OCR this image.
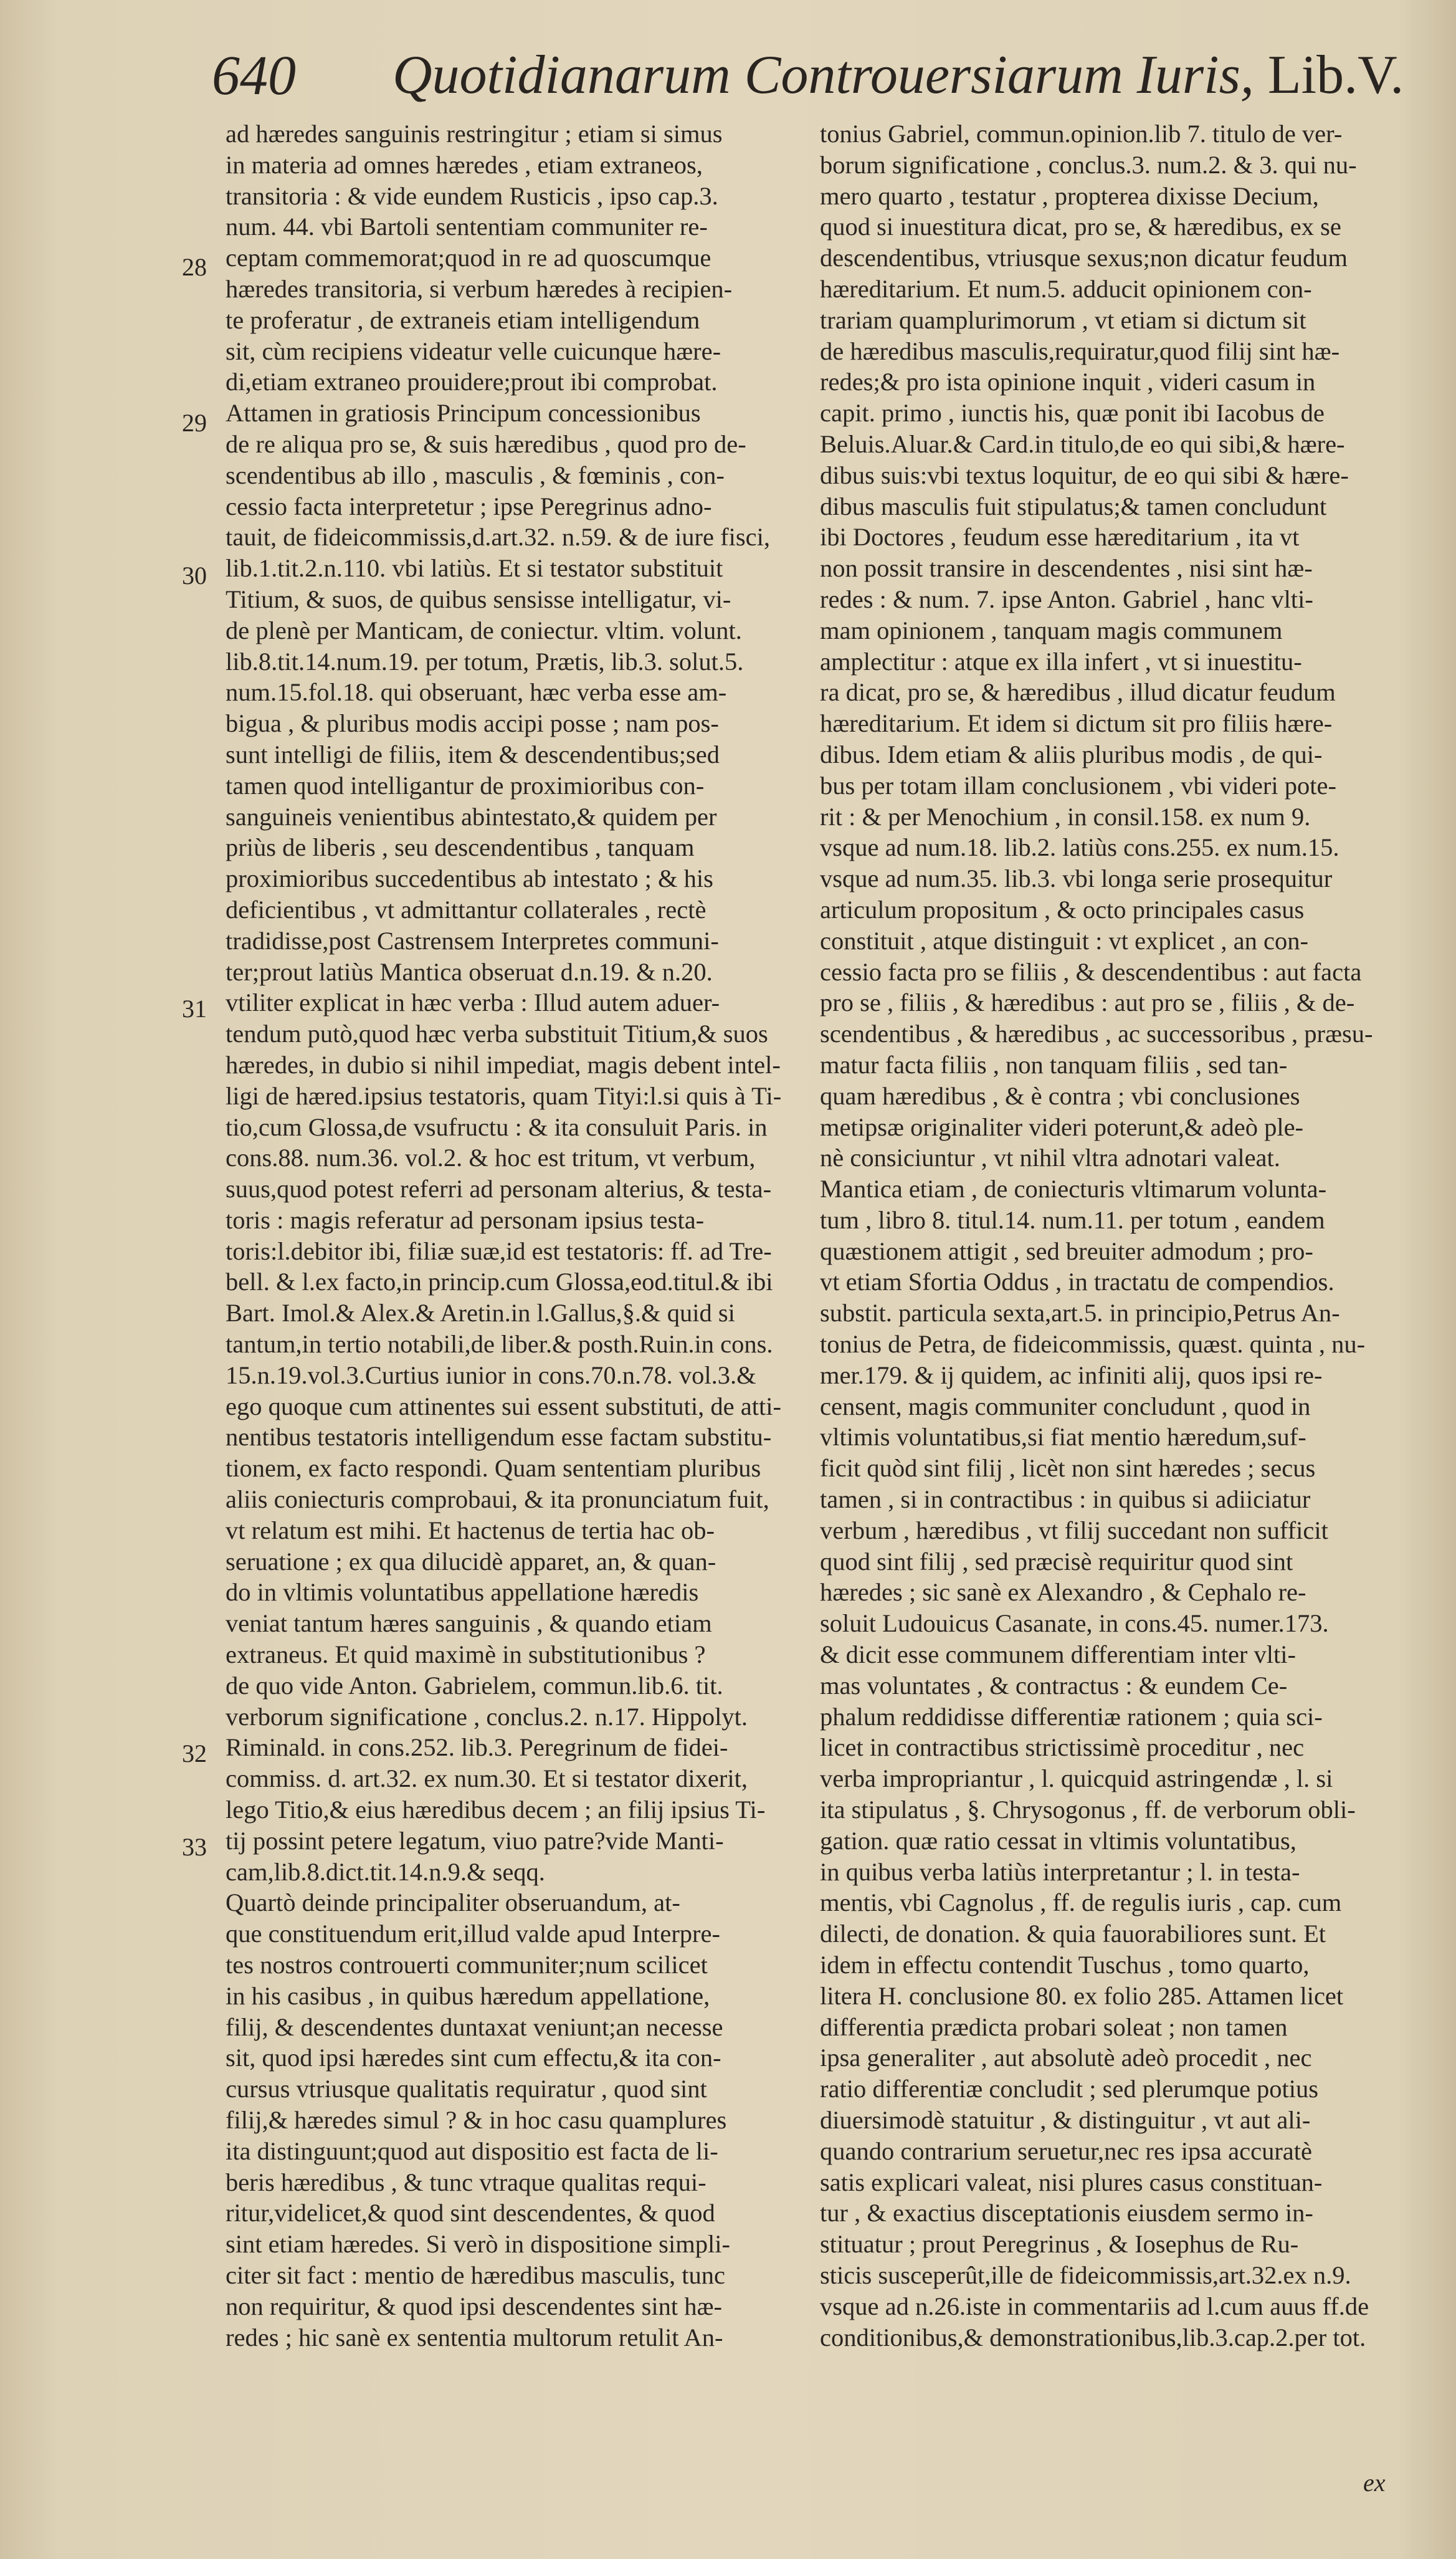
640 Quotidianarum Controuersiarum Iuris, Lib.V.
28
29
30
31
32
33
ad hæredes sanguinis restringitur ; etiam si simus
in materia ad omnes hæredes , etiam extraneos,
transitoria : & vide eundem Rusticis , ipso cap.3.
num. 44. vbi Bartoli sententiam communiter re-
ceptam commemorat;quod in re ad quoscumque
hæredes transitoria, si verbum hæredes à recipien-
te proferatur , de extraneis etiam intelligendum
sit, cùm recipiens videatur velle cuicunque hære-
di,etiam extraneo prouidere;prout ibi comprobat.
Attamen in gratiosis Principum concessionibus
de re aliqua pro se, & suis hæredibus , quod pro de-
scendentibus ab illo , masculis , & fœminis , con-
cessio facta interpretetur ; ipse Peregrinus adno-
tauit, de fideicommissis,d.art.32. n.59. & de iure fisci,
lib.1.tit.2.n.110. vbi latiùs. Et si testator substituit
Titium, & suos, de quibus sensisse intelligatur, vi-
de plenè per Manticam, de coniectur. vltim. volunt.
lib.8.tit.14.num.19. per totum, Prætis, lib.3. solut.5.
num.15.fol.18. qui obseruant, hæc verba esse am-
bigua , & pluribus modis accipi posse ; nam pos-
sunt intelligi de filiis, item & descendentibus;sed
tamen quod intelligantur de proximioribus con-
sanguineis venientibus abintestato,& quidem per
priùs de liberis , seu descendentibus , tanquam
proximioribus succedentibus ab intestato ; & his
deficientibus , vt admittantur collaterales , rectè
tradidisse,post Castrensem Interpretes communi-
ter;prout latiùs Mantica obseruat d.n.19. & n.20.
vtiliter explicat in hæc verba : Illud autem aduer-
tendum putò,quod hæc verba substituit Titium,& suos
hæredes, in dubio si nihil impediat, magis debent intel-
ligi de hæred.ipsius testatoris, quam Tityi:l.si quis à Ti-
tio,cum Glossa,de vsufructu : & ita consuluit Paris. in
cons.88. num.36. vol.2. & hoc est tritum, vt verbum,
suus,quod potest referri ad personam alterius, & testa-
toris : magis referatur ad personam ipsius testa-
toris:l.debitor ibi, filiæ suæ,id est testatoris: ff. ad Tre-
bell. & l.ex facto,in princip.cum Glossa,eod.titul.& ibi
Bart. Imol.& Alex.& Aretin.in l.Gallus,§.& quid si
tantum,in tertio notabili,de liber.& posth.Ruin.in cons.
15.n.19.vol.3.Curtius iunior in cons.70.n.78. vol.3.&
ego quoque cum attinentes sui essent substituti, de atti-
nentibus testatoris intelligendum esse factam substitu-
tionem, ex facto respondi. Quam sententiam pluribus
aliis coniecturis comprobaui, & ita pronunciatum fuit,
vt relatum est mihi. Et hactenus de tertia hac ob-
seruatione ; ex qua dilucidè apparet, an, & quan-
do in vltimis voluntatibus appellatione hæredis
veniat tantum hæres sanguinis , & quando etiam
extraneus. Et quid maximè in substitutionibus ?
de quo vide Anton. Gabrielem, commun.lib.6. tit.
verborum significatione , conclus.2. n.17. Hippolyt.
Riminald. in cons.252. lib.3. Peregrinum de fidei-
commiss. d. art.32. ex num.30. Et si testator dixerit,
lego Titio,& eius hæredibus decem ; an filij ipsius Ti-
tij possint petere legatum, viuo patre?vide Manti-
cam,lib.8.dict.tit.14.n.9.& seqq.
Quartò deinde principaliter obseruandum, at-
que constituendum erit,illud valde apud Interpre-
tes nostros controuerti communiter;num scilicet
in his casibus , in quibus hæredum appellatione,
filij, & descendentes duntaxat veniunt;an necesse
sit, quod ipsi hæredes sint cum effectu,& ita con-
cursus vtriusque qualitatis requiratur , quod sint
filij,& hæredes simul ? & in hoc casu quamplures
ita distinguunt;quod aut dispositio est facta de li-
beris hæredibus , & tunc vtraque qualitas requi-
ritur,videlicet,& quod sint descendentes, & quod
sint etiam hæredes. Si verò in dispositione simpli-
citer sit fact : mentio de hæredibus masculis, tunc
non requiritur, & quod ipsi descendentes sint hæ-
redes ; hic sanè ex sententia multorum retulit An-
tonius Gabriel, commun.opinion.lib 7. titulo de ver-
borum significatione , conclus.3. num.2. & 3. qui nu-
mero quarto , testatur , propterea dixisse Decium,
quod si inuestitura dicat, pro se, & hæredibus, ex se
descendentibus, vtriusque sexus;non dicatur feudum
hæreditarium. Et num.5. adducit opinionem con-
trariam quamplurimorum , vt etiam si dictum sit
de hæredibus masculis,requiratur,quod filij sint hæ-
redes;& pro ista opinione inquit , videri casum in
capit. primo , iunctis his, quæ ponit ibi Iacobus de
Beluis.Aluar.& Card.in titulo,de eo qui sibi,& hære-
dibus suis:vbi textus loquitur, de eo qui sibi & hære-
dibus masculis fuit stipulatus;& tamen concludunt
ibi Doctores , feudum esse hæreditarium , ita vt
non possit transire in descendentes , nisi sint hæ-
redes : & num. 7. ipse Anton. Gabriel , hanc vlti-
mam opinionem , tanquam magis communem
amplectitur : atque ex illa infert , vt si inuestitu-
ra dicat, pro se, & hæredibus , illud dicatur feudum
hæreditarium. Et idem si dictum sit pro filiis hære-
dibus. Idem etiam & aliis pluribus modis , de qui-
bus per totam illam conclusionem , vbi videri pote-
rit : & per Menochium , in consil.158. ex num 9.
vsque ad num.18. lib.2. latiùs cons.255. ex num.15.
vsque ad num.35. lib.3. vbi longa serie prosequitur
articulum propositum , & octo principales casus
constituit , atque distinguit : vt explicet , an con-
cessio facta pro se filiis , & descendentibus : aut facta
pro se , filiis , & hæredibus : aut pro se , filiis , & de-
scendentibus , & hæredibus , ac successoribus , præsu-
matur facta filiis , non tanquam filiis , sed tan-
quam hæredibus , & è contra ; vbi conclusiones
metipsæ originaliter videri poterunt,& adeò ple-
nè consiciuntur , vt nihil vltra adnotari valeat.
Mantica etiam , de coniecturis vltimarum volunta-
tum , libro 8. titul.14. num.11. per totum , eandem
quæstionem attigit , sed breuiter admodum ; pro-
vt etiam Sfortia Oddus , in tractatu de compendios.
substit. particula sexta,art.5. in principio,Petrus An-
tonius de Petra, de fideicommissis, quæst. quinta , nu-
mer.179. & ij quidem, ac infiniti alij, quos ipsi re-
censent, magis communiter concludunt , quod in
vltimis voluntatibus,si fiat mentio hæredum,suf-
ficit quòd sint filij , licèt non sint hæredes ; secus
tamen , si in contractibus : in quibus si adiiciatur
verbum , hæredibus , vt filij succedant non sufficit
quod sint filij , sed præcisè requiritur quod sint
hæredes ; sic sanè ex Alexandro , & Cephalo re-
soluit Ludouicus Casanate, in cons.45. numer.173.
& dicit esse communem differentiam inter vlti-
mas voluntates , & contractus : & eundem Ce-
phalum reddidisse differentiæ rationem ; quia sci-
licet in contractibus strictissimè proceditur , nec
verba impropriantur , l. quicquid astringendæ , l. si
ita stipulatus , §. Chrysogonus , ff. de verborum obli-
gation. quæ ratio cessat in vltimis voluntatibus,
in quibus verba latiùs interpretantur ; l. in testa-
mentis, vbi Cagnolus , ff. de regulis iuris , cap. cum
dilecti, de donation. & quia fauorabiliores sunt. Et
idem in effectu contendit Tuschus , tomo quarto,
litera H. conclusione 80. ex folio 285. Attamen licet
differentia prædicta probari soleat ; non tamen
ipsa generaliter , aut absolutè adeò procedit , nec
ratio differentiæ concludit ; sed plerumque potius
diuersimodè statuitur , & distinguitur , vt aut ali-
quando contrarium seruetur,nec res ipsa accuratè
satis explicari valeat, nisi plures casus constituan-
tur , & exactius disceptationis eiusdem sermo in-
stituatur ; prout Peregrinus , & Iosephus de Ru-
sticis susceperût,ille de fideicommissis,art.32.ex n.9.
vsque ad n.26.iste in commentariis ad l.cum auus ff.de
conditionibus,& demonstrationibus,lib.3.cap.2.per tot.
ex
